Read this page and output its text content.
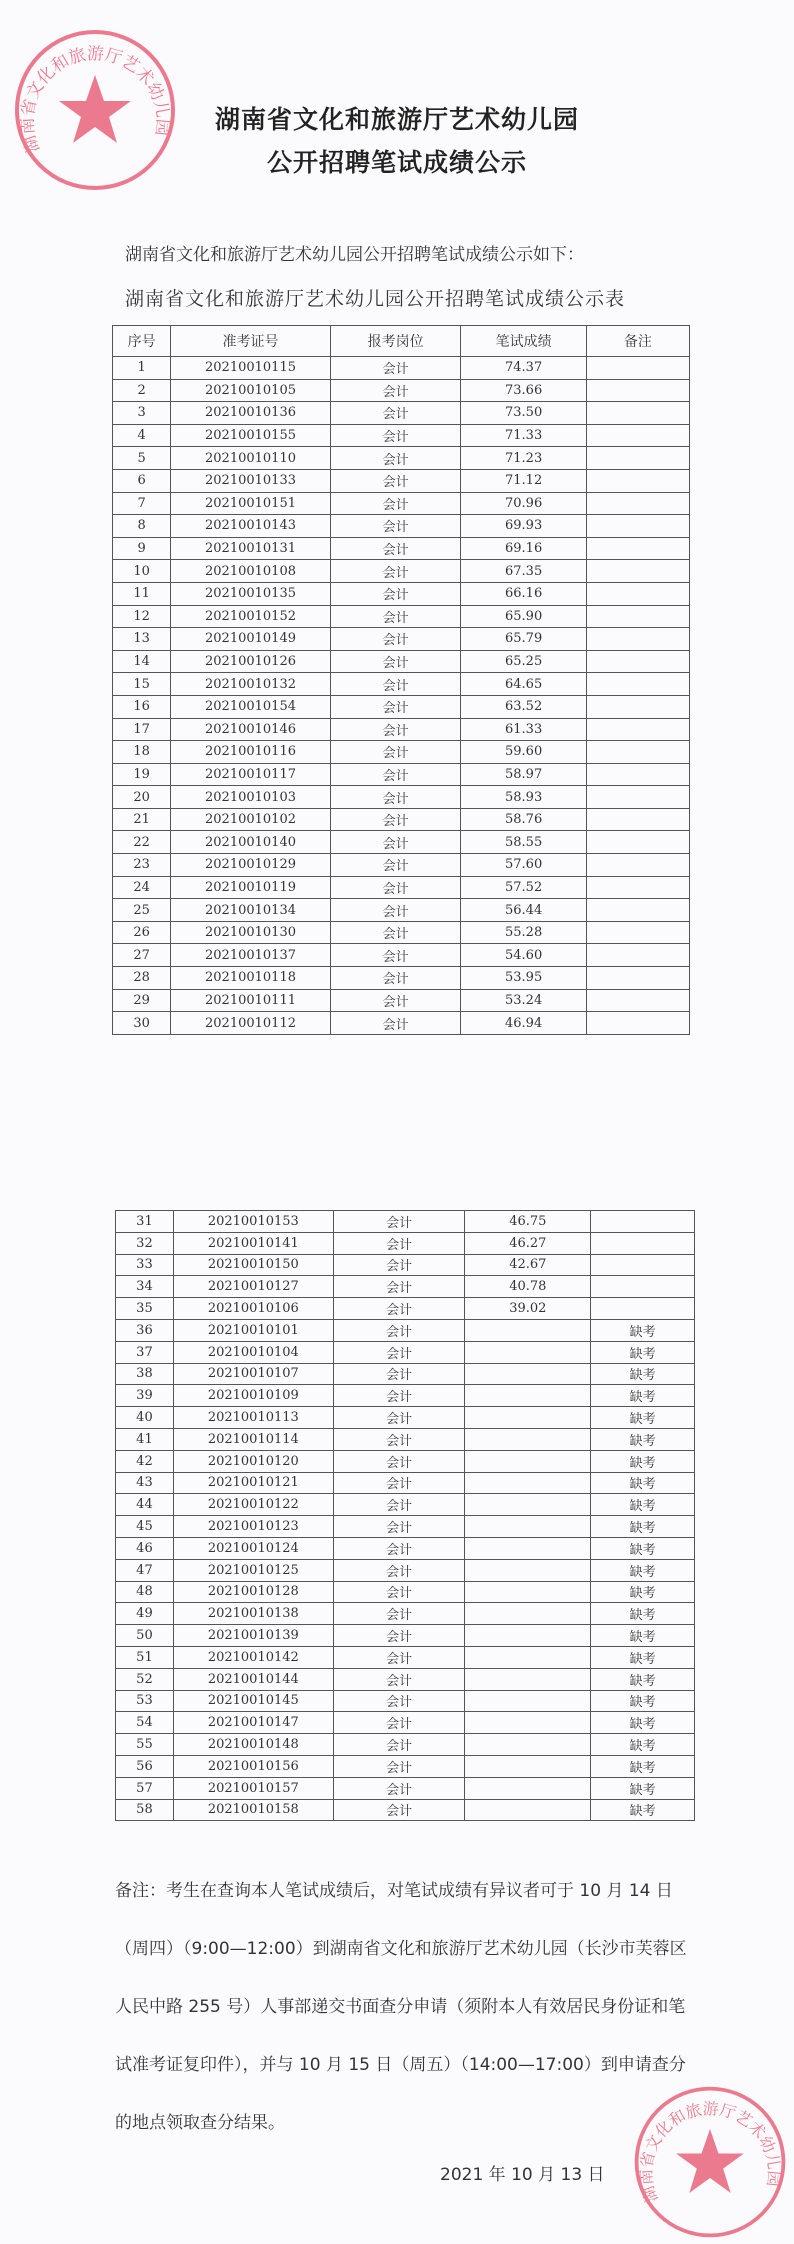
湖南省文化和旅游厅艺术幼儿园	湖南省文化和旅游厅艺术幼儿园
公开招聘笔试成绩公示
湖南省文化和旅游厅艺术幼儿园公开招聘笔试成绩公示如下：
湖南省文化和旅游厅艺术幼儿园公开招聘笔试成绩公示表
序号	准考证号	报考岗位	笔试成绩	备注
1	20210010115	会计	74.37	
2	20210010105	会计	73.66	
3	20210010136	会计	73.50	
4	20210010155	会计	71.33	
5	20210010110	会计	71.23	
6	20210010133	会计	71.12	
7	20210010151	会计	70.96	
8	20210010143	会计	69.93	
9	20210010131	会计	69.16	
10	20210010108	会计	67.35	
11	20210010135	会计	66.16	
12	20210010152	会计	65.90	
13	20210010149	会计	65.79	
14	20210010126	会计	65.25	
15	20210010132	会计	64.65	
16	20210010154	会计	63.52	
17	20210010146	会计	61.33	
18	20210010116	会计	59.60	
19	20210010117	会计	58.97	
20	20210010103	会计	58.93	
21	20210010102	会计	58.76	
22	20210010140	会计	58.55	
23	20210010129	会计	57.60	
24	20210010119	会计	57.52	
25	20210010134	会计	56.44	
26	20210010130	会计	55.28	
27	20210010137	会计	54.60	
28	20210010118	会计	53.95	
29	20210010111	会计	53.24	
30	20210010112	会计	46.94	
31	20210010153	会计	46.75	
32	20210010141	会计	46.27	
33	20210010150	会计	42.67	
34	20210010127	会计	40.78	
35	20210010106	会计	39.02	
36	20210010101	会计		缺考
37	20210010104	会计		缺考
38	20210010107	会计		缺考
39	20210010109	会计		缺考
40	20210010113	会计		缺考
41	20210010114	会计		缺考
42	20210010120	会计		缺考
43	20210010121	会计		缺考
44	20210010122	会计		缺考
45	20210010123	会计		缺考
46	20210010124	会计		缺考
47	20210010125	会计		缺考
48	20210010128	会计		缺考
49	20210010138	会计		缺考
50	20210010139	会计		缺考
51	20210010142	会计		缺考
52	20210010144	会计		缺考
53	20210010145	会计		缺考
54	20210010147	会计		缺考
55	20210010148	会计		缺考
56	20210010156	会计		缺考
57	20210010157	会计		缺考
58	20210010158	会计		缺考
备注：考生在查询本人笔试成绩后，对笔试成绩有异议者可于 10 月 14 日（周四）（9:00—12:00）到湖南省文化和旅游厅艺术幼儿园（长沙市芙蓉区人民中路 255 号）人事部递交书面查分申请（须附本人有效居民身份证和笔试准考证复印件），并与 10 月 15 日（周五）（14:00—17:00）到申请查分的地点领取查分结果。
2021 年 10 月 13 日
湖南省文化和旅游厅艺术幼儿园
